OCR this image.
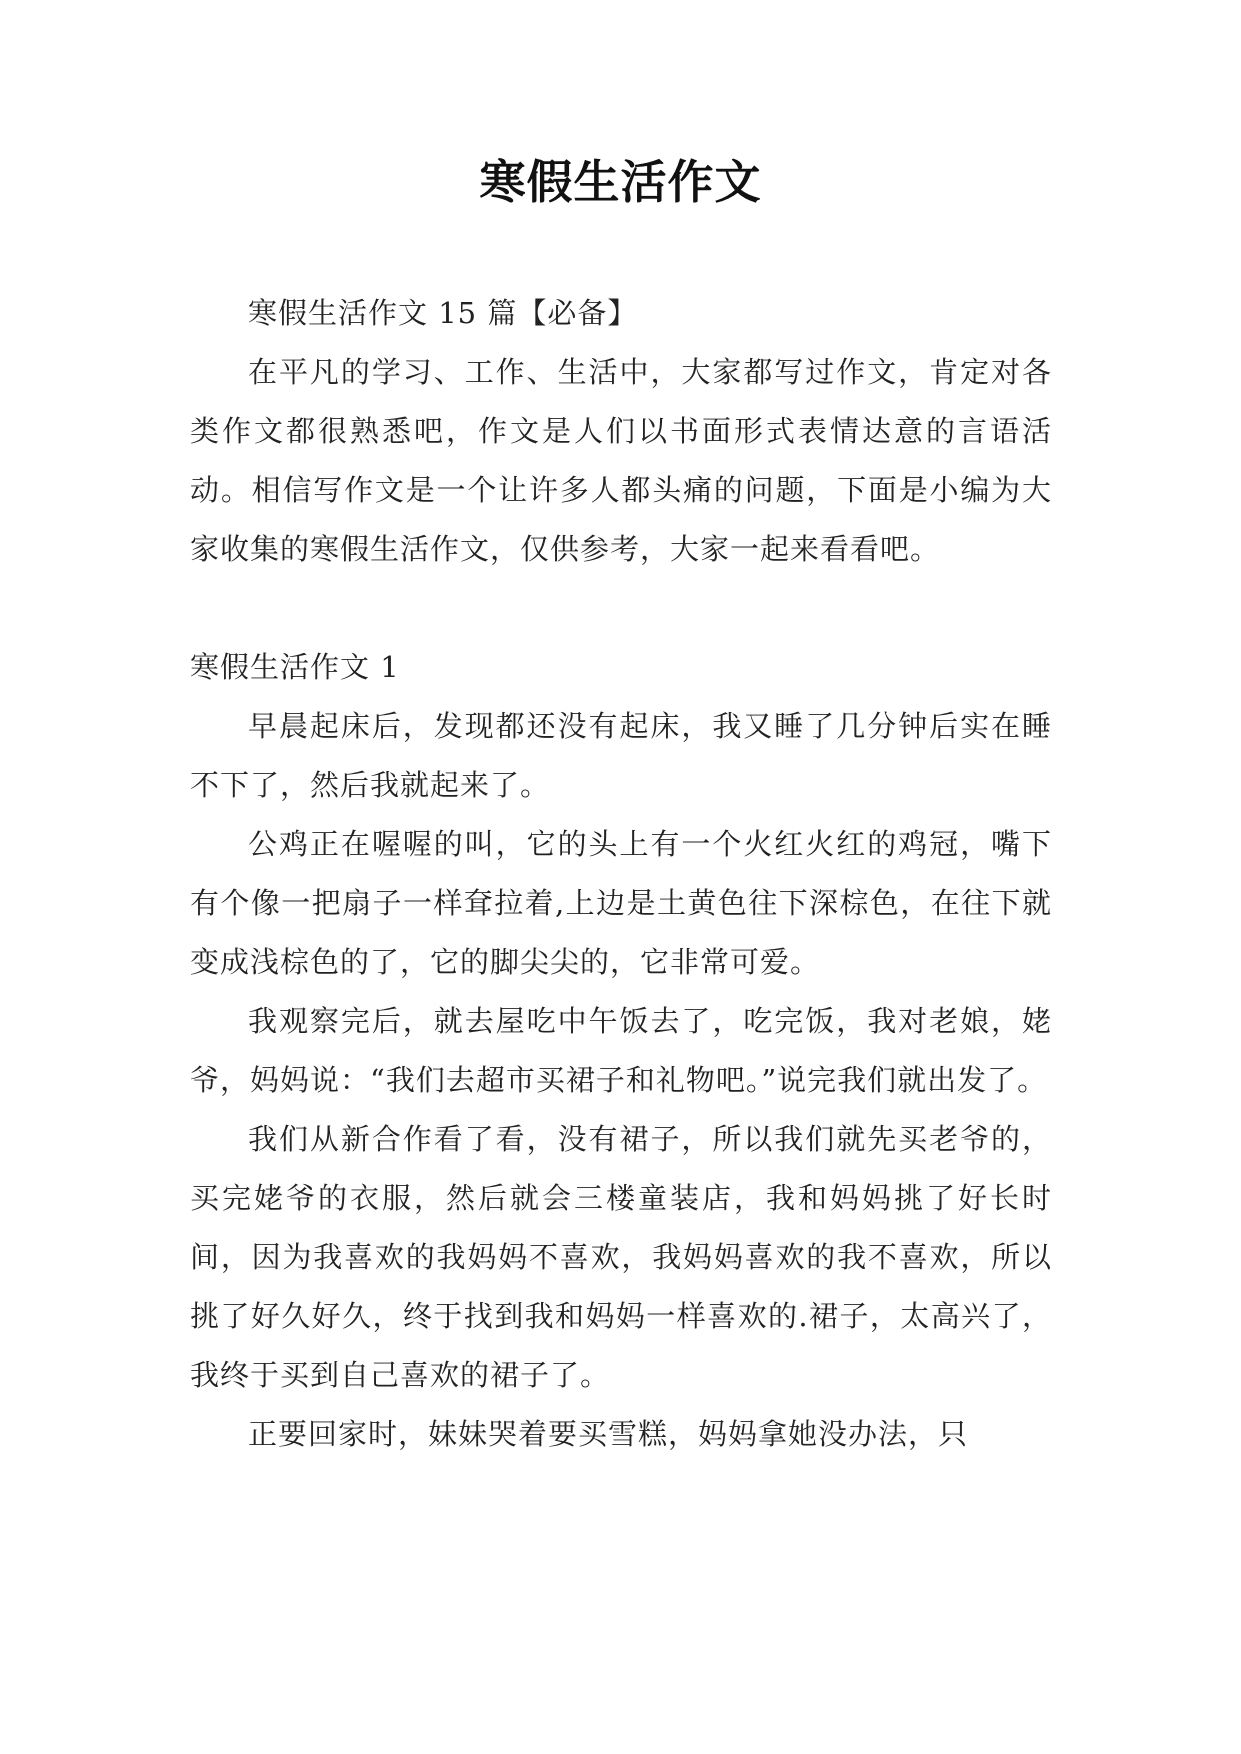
寒假生活作文

寒假生活作文 15 篇【必备】

在平凡的学习、工作、生活中，大家都写过作文，肯定对各类作文都很熟悉吧，作文是人们以书面形式表情达意的言语活动。相信写作文是一个让许多人都头痛的问题，下面是小编为大家收集的寒假生活作文，仅供参考，大家一起来看看吧。

寒假生活作文 1

早晨起床后，发现都还没有起床，我又睡了几分钟后实在睡不下了，然后我就起来了。

公鸡正在喔喔的叫，它的头上有一个火红火红的鸡冠，嘴下有个像一把扇子一样耷拉着,上边是土黄色往下深棕色，在往下就变成浅棕色的了，它的脚尖尖的，它非常可爱。

我观察完后，就去屋吃中午饭去了，吃完饭，我对老娘，姥爷，妈妈说：“我们去超市买裙子和礼物吧。”说完我们就出发了。

我们从新合作看了看，没有裙子，所以我们就先买老爷的，买完姥爷的衣服，然后就会三楼童装店，我和妈妈挑了好长时间，因为我喜欢的我妈妈不喜欢，我妈妈喜欢的我不喜欢，所以挑了好久好久，终于找到我和妈妈一样喜欢的.裙子，太高兴了，我终于买到自己喜欢的裙子了。

正要回家时，妹妹哭着要买雪糕，妈妈拿她没办法，只
